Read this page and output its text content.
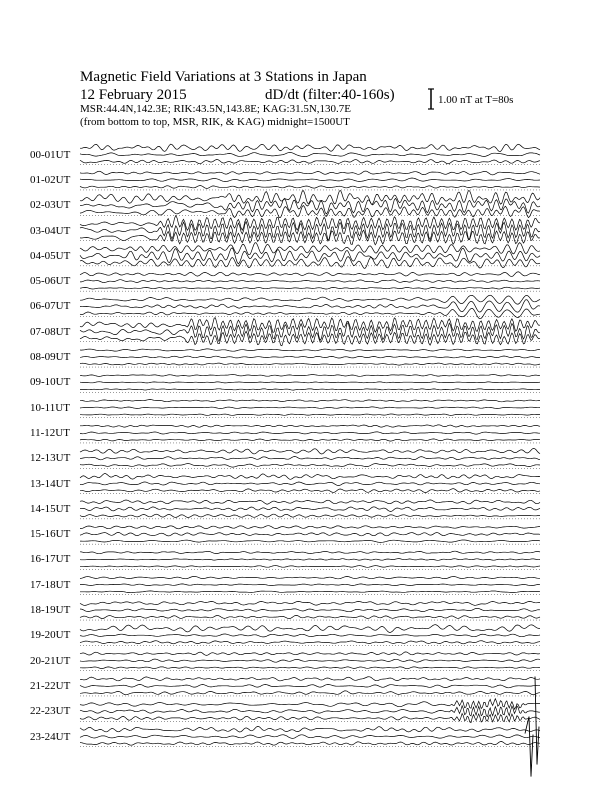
Magnetic Field Variations at 3 Stations in Japan
12 February 2015	dD/dt (filter:40-160s)
MSR:44.4N,142.3E; RIK:43.5N,143.8E; KAG:31.5N,130.7E
(from bottom to top, MSR, RIK, & KAG) midnight=1500UT
1.00 nT at T=80s
00-01UT
01-02UT
02-03UT
03-04UT
04-05UT
05-06UT
06-07UT
07-08UT
08-09UT
09-10UT
10-11UT
11-12UT
12-13UT
13-14UT
14-15UT
15-16UT
16-17UT
17-18UT
18-19UT
19-20UT
20-21UT
21-22UT
22-23UT
23-24UT
